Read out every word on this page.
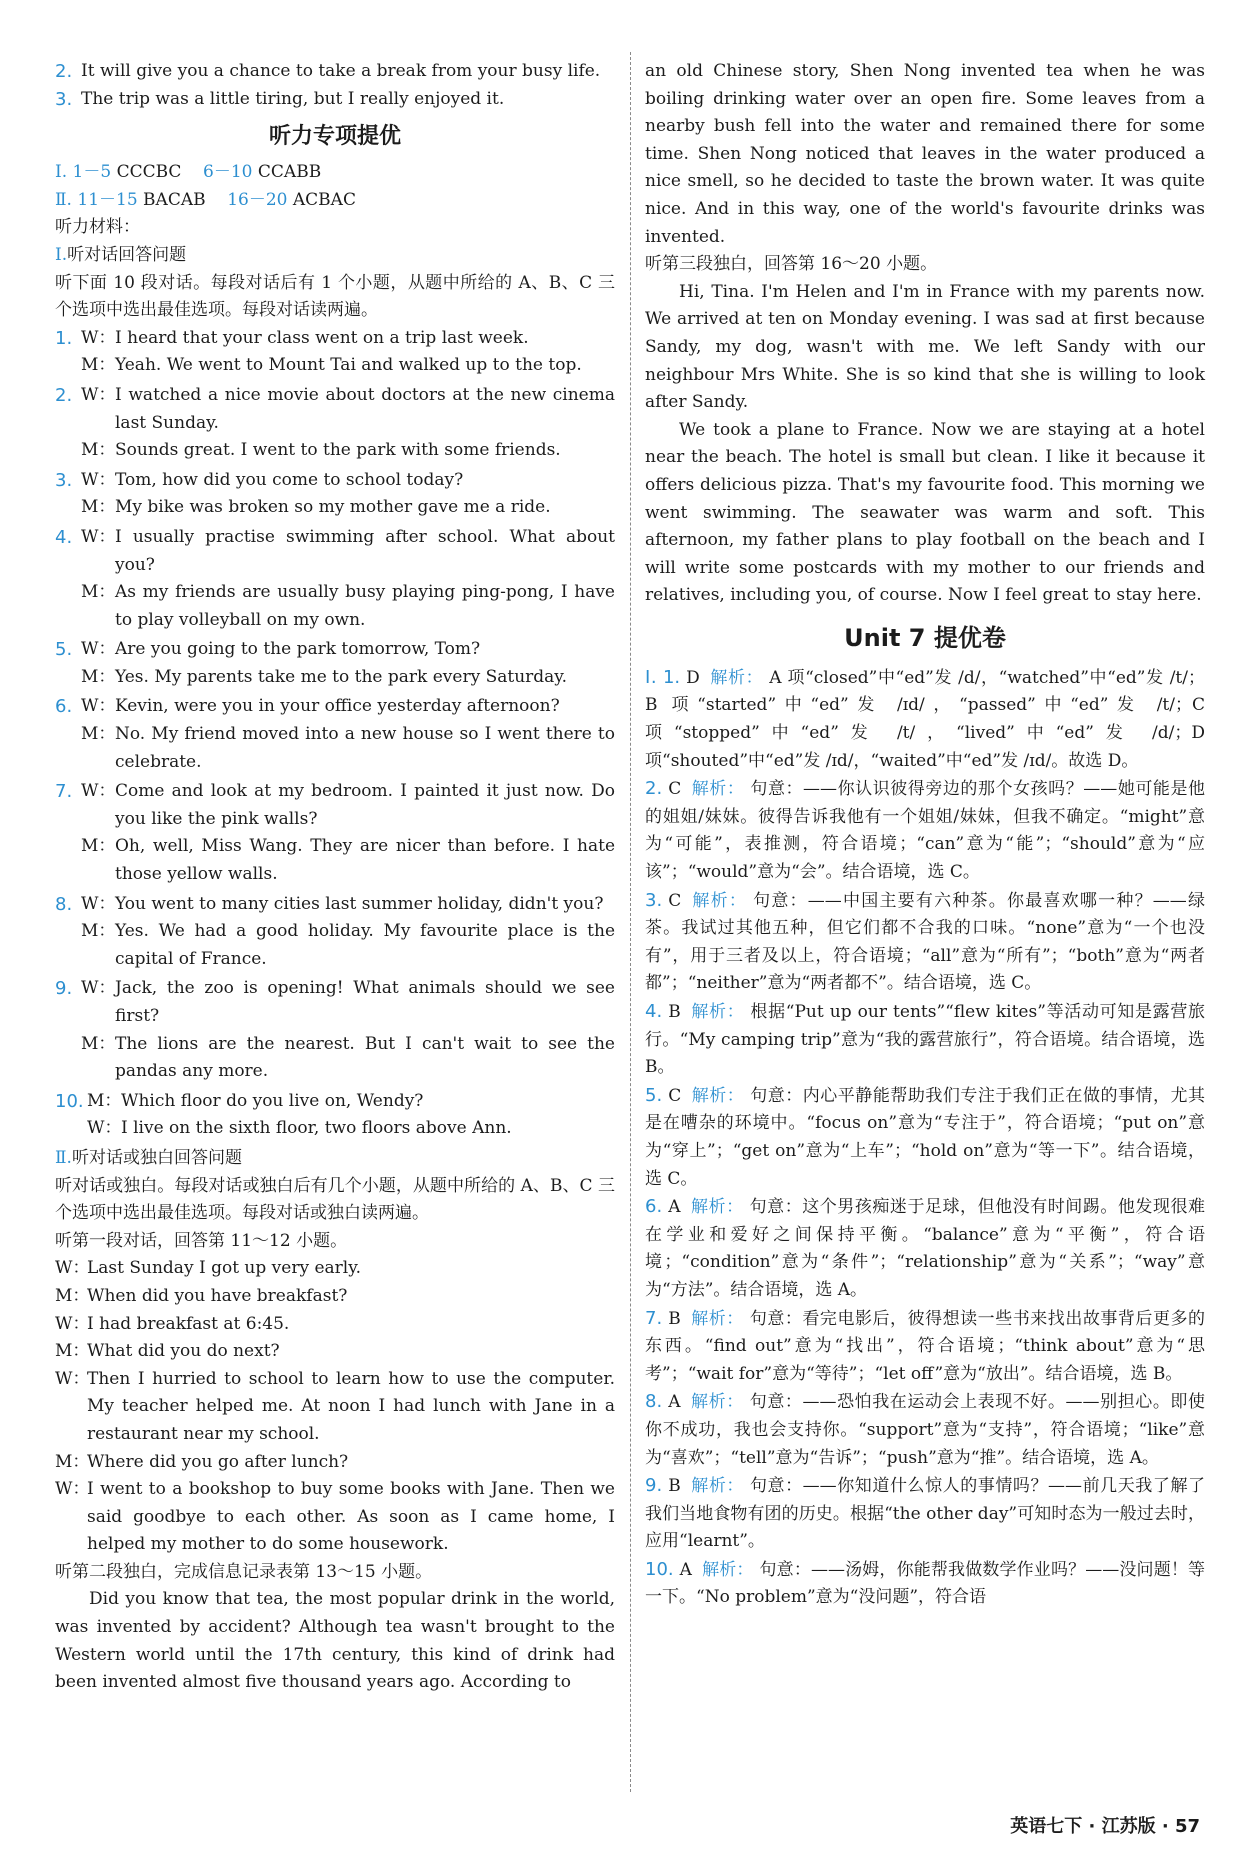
2. It will give you a chance to take a break from your busy life.
3. The trip was a little tiring, but I really enjoyed it.
听力专项提优

Ⅰ. 1－5 CCCBC 6－10 CCABB

Ⅱ. 11－15 BACAB 16－20 ACBAC

听力材料：

Ⅰ.听对话回答问题

听下面 10 段对话。每段对话后有 1 个小题，从题中所给的 A、B、C 三个选项中选出最佳选项。每段对话读两遍。

1. W： I heard that your class went on a trip last week.
M： Yeah. We went to Mount Tai and walked up to the top.
2. W： I watched a nice movie about doctors at the new cinema last Sunday.
M： Sounds great. I went to the park with some friends.
3. W： Tom, how did you come to school today?
M： My bike was broken so my mother gave me a ride.
4. W： I usually practise swimming after school. What about you?
M： As my friends are usually busy playing ping-pong, I have to play volleyball on my own.
5. W： Are you going to the park tomorrow, Tom?
M： Yes. My parents take me to the park every Saturday.
6. W： Kevin, were you in your office yesterday afternoon?
M： No. My friend moved into a new house so I went there to celebrate.
7. W： Come and look at my bedroom. I painted it just now. Do you like the pink walls?
M： Oh, well, Miss Wang. They are nicer than before. I hate those yellow walls.
8. W： You went to many cities last summer holiday, didn't you?
M： Yes. We had a good holiday. My favourite place is the capital of France.
9. W： Jack, the zoo is opening! What animals should we see first?
M： The lions are the nearest. But I can't wait to see the pandas any more.
10. M： Which floor do you live on, Wendy?
W： I live on the sixth floor, two floors above Ann.

Ⅱ.听对话或独白回答问题

听对话或独白。每段对话或独白后有几个小题，从题中所给的 A、B、C 三个选项中选出最佳选项。每段对话或独白读两遍。

听第一段对话，回答第 11～12 小题。

W：
Last Sunday I got up very early.
M：
When did you have breakfast?
W：
I had breakfast at 6:45.
M：
What did you do next?
W：
Then I hurried to school to learn how to use the computer. My teacher helped me. At noon I had lunch with Jane in a restaurant near my school.
M：
Where did you go after lunch?
W：
I went to a bookshop to buy some books with Jane. Then we said goodbye to each other. As soon as I came home, I helped my mother to do some housework.

听第二段独白，完成信息记录表第 13～15 小题。

Did you know that tea, the most popular drink in the world, was invented by accident? Although tea wasn't brought to the Western world until the 17th century, this kind of drink had been invented almost five thousand years ago. According to

an old Chinese story, Shen Nong invented tea when he was boiling drinking water over an open fire. Some leaves from a nearby bush fell into the water and remained there for some time. Shen Nong noticed that leaves in the water produced a nice smell, so he decided to taste the brown water. It was quite nice. And in this way, one of the world's favourite drinks was invented.

听第三段独白，回答第 16～20 小题。

Hi, Tina. I'm Helen and I'm in France with my parents now. We arrived at ten on Monday evening. I was sad at first because Sandy, my dog, wasn't with me. We left Sandy with our neighbour Mrs White. She is so kind that she is willing to look after Sandy.

We took a plane to France. Now we are staying at a hotel near the beach. The hotel is small but clean. I like it because it offers delicious pizza. That's my favourite food. This morning we went swimming. The seawater was warm and soft. This afternoon, my father plans to play football on the beach and I will write some postcards with my mother to our friends and relatives, including you, of course. Now I feel great to stay here.

Unit 7 提优卷

Ⅰ. 1. D 解析： A 项“closed”中“ed”发 /d/，“watched”中“ed”发 /t/；B 项“started”中“ed”发 /ɪd/，“passed”中“ed”发 /t/；C 项“stopped”中“ed”发 /t/，“lived”中“ed”发 /d/；D 项“shouted”中“ed”发 /ɪd/，“waited”中“ed”发 /ɪd/。故选 D。

2. C 解析： 句意：——你认识彼得旁边的那个女孩吗？——她可能是他的姐姐/妹妹。彼得告诉我他有一个姐姐/妹妹，但我不确定。“might”意为“可能”，表推测，符合语境；“can”意为“能”；“should”意为“应该”；“would”意为“会”。结合语境，选 C。

3. C 解析： 句意：——中国主要有六种茶。你最喜欢哪一种？——绿茶。我试过其他五种，但它们都不合我的口味。“none”意为“一个也没有”，用于三者及以上，符合语境；“all”意为“所有”；“both”意为“两者都”；“neither”意为“两者都不”。结合语境，选 C。

4. B 解析： 根据“Put up our tents”“flew kites”等活动可知是露营旅行。“My camping trip”意为“我的露营旅行”，符合语境。结合语境，选 B。

5. C 解析： 句意：内心平静能帮助我们专注于我们正在做的事情，尤其是在嘈杂的环境中。“focus on”意为“专注于”，符合语境；“put on”意为“穿上”；“get on”意为“上车”；“hold on”意为“等一下”。结合语境，选 C。

6. A 解析： 句意：这个男孩痴迷于足球，但他没有时间踢。他发现很难在学业和爱好之间保持平衡。“balance”意为“平衡”，符合语境；“condition”意为“条件”；“relationship”意为“关系”；“way”意为“方法”。结合语境，选 A。

7. B 解析： 句意：看完电影后，彼得想读一些书来找出故事背后更多的东西。“find out”意为“找出”，符合语境；“think about”意为“思考”；“wait for”意为“等待”；“let off”意为“放出”。结合语境，选 B。

8. A 解析： 句意：——恐怕我在运动会上表现不好。——别担心。即使你不成功，我也会支持你。“support”意为“支持”，符合语境；“like”意为“喜欢”；“tell”意为“告诉”；“push”意为“推”。结合语境，选 A。

9. B 解析： 句意：——你知道什么惊人的事情吗？——前几天我了解了我们当地食物有团的历史。根据“the other day”可知时态为一般过去时，应用“learnt”。

10. A 解析： 句意：——汤姆，你能帮我做数学作业吗？——没问题！等一下。“No problem”意为“没问题”，符合语

英语七下 · 江苏版 · 57
